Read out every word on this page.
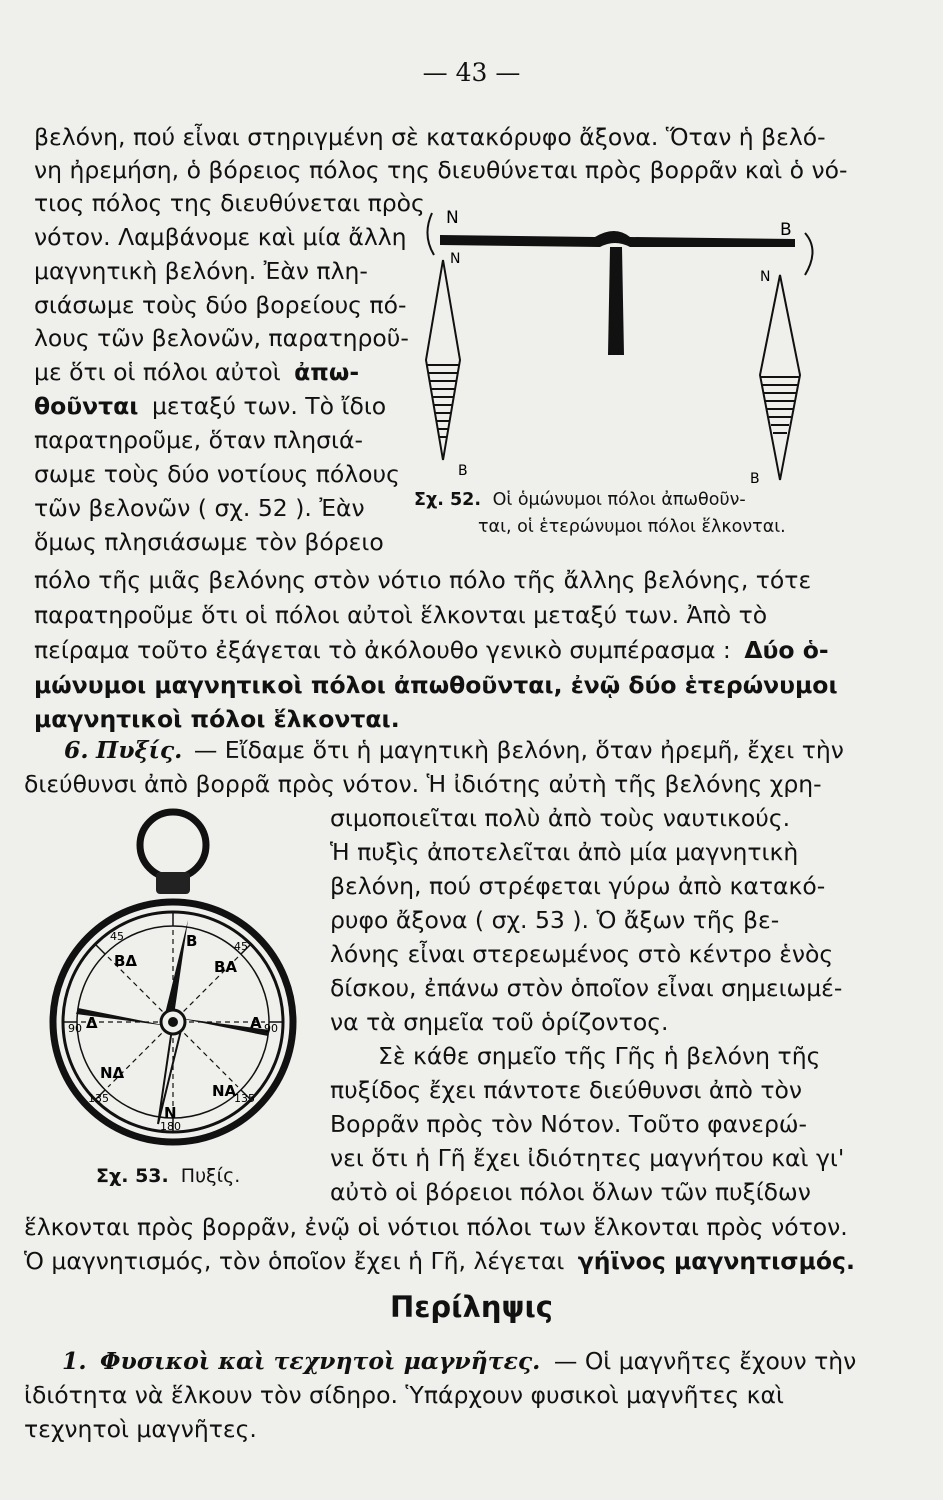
— 43 —
βελόνη, πού εἶναι στηριγμένη σὲ κατακόρυφο ἄξονα. Ὅταν ἡ βελό-
νη ἠρεμήση, ὁ βόρειος πόλος της διευθύνεται πρὸς βορρᾶν καὶ ὁ νό-
τιος πόλος της διευθύνεται πρὸς
νότον. Λαμβάνομε καὶ μία ἄλλη
μαγνητικὴ βελόνη. Ἐὰν πλη-
σιάσωμε τοὺς δύο βορείους πό-
λους τῶν βελονῶν, παρατηροῦ-
με ὅτι οἱ πόλοι αὐτοὶ ἀπω-
θοῦνται μεταξύ των. Τὸ ἴδιο
παρατηροῦμε, ὅταν πλησιά-
σωμε τοὺς δύο νοτίους πόλους
τῶν βελονῶν ( σχ. 52 ). Ἐὰν
ὅμως πλησιάσωμε τὸν βόρειο
πόλο τῆς μιᾶς βελόνης στὸν νότιο πόλο τῆς ἄλλης βελόνης, τότε
παρατηροῦμε ὅτι οἱ πόλοι αὐτοὶ ἕλκονται μεταξύ των. Ἀπὸ τὸ
πείραμα τοῦτο ἐξάγεται τὸ ἀκόλουθο γενικὸ συμπέρασμα : Δύο ὁ-
μώνυμοι μαγνητικοὶ πόλοι ἀπωθοῦνται, ἐνῷ δύο ἑτερώνυμοι
μαγνητικοὶ πόλοι ἕλκονται.
N
B
N
N
B	B
Σχ. 52. Οἱ ὁμώνυμοι πόλοι ἀπωθοῦν-
ται, οἱ ἑτερώνυμοι πόλοι ἕλκονται.
6. Πυξίς. — Εἴδαμε ὅτι ἡ μαγητικὴ βελόνη, ὅταν ἠρεμῆ, ἔχει τὴν
διεύθυνσι ἀπὸ βορρᾶ πρὸς νότον. Ἡ ἰδιότης αὐτὴ τῆς βελόνης χρη-
σιμοποιεῖται πολὺ ἀπὸ τοὺς ναυτικούς.
Ἡ πυξὶς ἀποτελεῖται ἀπὸ μία μαγνητικὴ
βελόνη, πού στρέφεται γύρω ἀπὸ κατακό-
ρυφο ἄξονα ( σχ. 53 ). Ὁ ἄξων τῆς βε-
λόνης εἶναι στερεωμένος στὸ κέντρο ἑνὸς
δίσκου, ἐπάνω στὸν ὁποῖον εἶναι σημειωμέ-
να τὰ σημεῖα τοῦ ὁρίζοντος.
Σὲ κάθε σημεῖο τῆς Γῆς ἡ βελόνη τῆς
πυξίδος ἔχει πάντοτε διεύθυνσι ἀπὸ τὸν
Βορρᾶν πρὸς τὸν Νότον. Τοῦτο φανερώ-
νει ὅτι ἡ Γῆ ἔχει ἰδιότητες μαγνήτου καὶ γι'
αὐτὸ οἱ βόρειοι πόλοι ὅλων τῶν πυξίδων
ἕλκονται πρὸς βορρᾶν, ἐνῷ οἱ νότιοι πόλοι των ἕλκονται πρὸς νότον.
Ὁ μαγνητισμός, τὸν ὁποῖον ἔχει ἡ Γῆ, λέγεται γήϊνος μαγνητισμός.
Β
ΒΑ
Α
ΝΑ
Ν
ΝΔ
Δ
ΒΔ
45
90
135
180
135
90
45
Σχ. 53. Πυξίς.
Περίληψις
1. Φυσικοὶ καὶ τεχνητοὶ μαγνῆτες. — Οἱ μαγνῆτες ἔχουν τὴν
ἰδιότητα νὰ ἕλκουν τὸν σίδηρο. Ὑπάρχουν φυσικοὶ μαγνῆτες καὶ
τεχνητοὶ μαγνῆτες.
